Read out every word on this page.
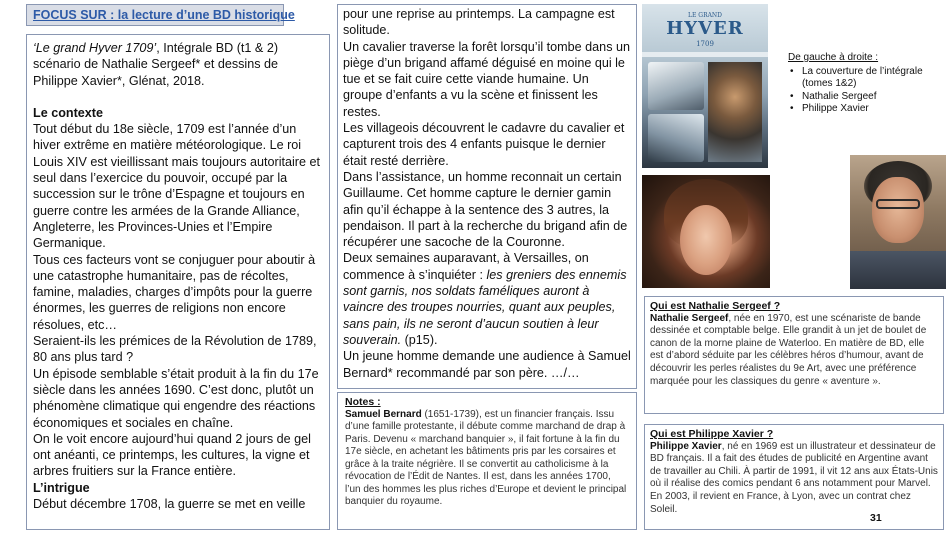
FOCUS SUR : la lecture d’une BD historique

‘Le grand Hyver 1709’, Intégrale BD (t1 & 2) scénario de Nathalie Sergeef* et dessins de Philippe Xavier*, Glénat, 2018.

Le contexte

Tout début du 18e siècle, 1709 est l’année d’un hiver extrême en matière météorologique. Le roi Louis XIV est vieillissant mais toujours autoritaire et seul dans l’exercice du pouvoir, occupé par la succession sur le trône d’Espagne et toujours en guerre contre les armées de la Grande Alliance, Angleterre, les Provinces-Unies et l’Empire Germanique.

Tous ces facteurs vont se conjuguer pour aboutir à une catastrophe humanitaire, pas de récoltes, famine, maladies, charges d’impôts pour la guerre énormes, les guerres de religions non encore résolues, etc…

Seraient-ils les prémices de la Révolution de 1789, 80 ans plus tard ?

Un épisode semblable s’était produit à la fin du 17e siècle dans les années 1690. C’est donc, plutôt un phénomène climatique qui engendre des réactions économiques et sociales en chaîne.

On le voit encore aujourd’hui quand 2 jours de gel ont anéanti, ce printemps, les cultures, la vigne et arbres fruitiers sur la France entière.

L’intrigue

Début décembre 1708, la guerre se met en veille

pour une reprise au printemps. La campagne est solitude.

Un cavalier traverse la forêt lorsqu’il tombe dans un piège d’un brigand affamé déguisé en moine qui le tue et se fait cuire cette viande humaine. Un groupe d’enfants a vu la scène et finissent les restes.

Les villageois découvrent le cadavre du cavalier et capturent trois des 4 enfants puisque le dernier était resté derrière.

Dans l’assistance, un homme reconnait un certain Guillaume. Cet homme capture le dernier gamin afin qu’il échappe à la sentence des 3 autres, la pendaison. Il part à la recherche du brigand afin de récupérer une sacoche de la Couronne.

Deux semaines auparavant, à Versailles, on commence à s’inquiéter : les greniers des ennemis sont garnis, nos soldats faméliques auront à vaincre des troupes nourries, quant aux peuples, sans pain, ils ne seront d’aucun soutien à leur souverain. (p15).

Un jeune homme demande une audience à Samuel Bernard* recommandé par son père. …/…

Notes :
Samuel Bernard (1651-1739), est un financier français. Issu d’une famille protestante, il débute comme marchand de drap à Paris. Devenu « marchand banquier », il fait fortune à la fin du 17e siècle, en achetant les bâtiments pris par les corsaires et grâce à la traite négrière. Il se convertit au catholicisme à la révocation de l’Édit de Nantes. Il est, dans les années 1700, l’un des hommes les plus riches d’Europe et devient le principal banquier du royaume.
LE GRAND
HYVER
1709
De gauche à droite :
• La couverture de l’intégrale (tomes 1&2)
• Nathalie Sergeef
• Philippe Xavier
Qui est Nathalie Sergeef ?
Nathalie Sergeef, née en 1970, est une scénariste de bande dessinée et comptable belge. Elle grandit à un jet de boulet de canon de la morne plaine de Waterloo. En matière de BD, elle est d’abord séduite par les célèbres héros d’humour, avant de découvrir les perles réalistes du 9e Art, avec une préférence marquée pour les classiques du genre « aventure ».
Qui est Philippe Xavier ?
Philippe Xavier, né en 1969 est un illustrateur et dessinateur de BD français. Il a fait des études de publicité en Argentine avant de travailler au Chili. À partir de 1991, il vit 12 ans aux États-Unis où il réalise des comics pendant 6 ans notamment pour Marvel. En 2003, il revient en France, à Lyon, avec un contrat chez Soleil.
31
